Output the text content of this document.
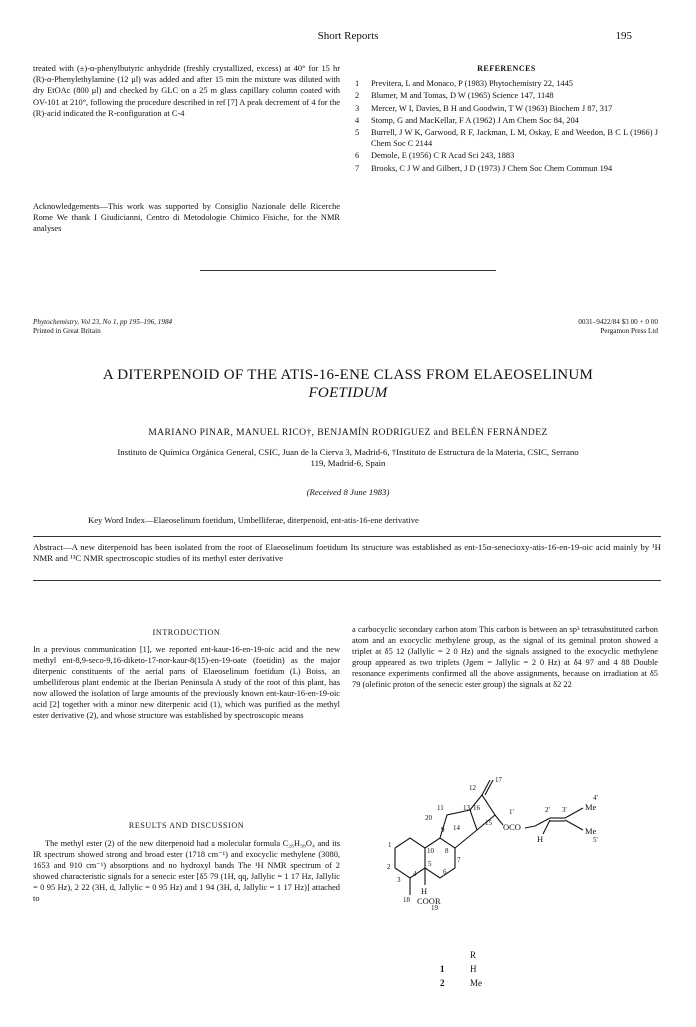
Short Reports	195
treated with (±)-α-phenylbutyric anhydride (freshly crystallized, excess) at 40° for 15 hr (R)-α-Phenylethylamine (12 μl) was added and after 15 min the mixture was diluted with dry EtOAc (800 μl) and checked by GLC on a 25 m glass capillary column coated with OV-101 at 210°, following the procedure described in ref [7] A peak decrement of 4 for the (R)-acid indicated the R-configuration at C-4
Acknowledgements—This work was supported by Consiglio Nazionale delle Ricerche Rome We thank I Giudicianni, Centro di Metodologie Chimico Fisiche, for the NMR analyses
REFERENCES
1 Previtera, L and Monaco, P (1983) Phytochemistry 22, 1445
2 Blumer, M and Tomas, D W (1965) Science 147, 1148
3 Mercer, W I, Davies, B H and Goodwin, T W (1963) Biochem J 87, 317
4 Stomp, G and MacKellar, F A (1962) J Am Chem Soc 84, 204
5 Burrell, J W K, Garwood, R F, Jackman, L M, Oskay, E and Weedon, B C L (1966) J Chem Soc C 2144
6 Demole, E (1956) C R Acad Sci 243, 1883
7 Brooks, C J W and Gilbert, J D (1973) J Chem Soc Chem Commun 194
Phytochemistry, Vol 23, No 1, pp 195–196, 1984
Printed in Great Britain
0031–9422/84 $3 00 + 0 00
Pergamon Press Ltd
A DITERPENOID OF THE ATIS-16-ENE CLASS FROM ELAEOSELINUM
FOETIDUM
MARIANO PINAR, MANUEL RICO†, BENJAMÍN RODRIGUEZ and BELÉN FERNÁNDEZ
Instituto de Química Orgánica General, CSIC, Juan de la Cierva 3, Madrid-6, †Instituto de Estructura de la Materia, CSIC, Serrano
119, Madrid-6, Spain
(Received 8 June 1983)
Key Word Index—Elaeoselinum foetidum, Umbelliferae, diterpenoid, ent-atis-16-ene derivative
Abstract—A new diterpenoid has been isolated from the root of Elaeoselinum foetidum Its structure was established as ent-15α-senecioxy-atis-16-en-19-oic acid mainly by ¹H NMR and ¹³C NMR spectroscopic studies of its methyl ester derivative
INTRODUCTION
In a previous communication [1], we reported ent-kaur-16-en-19-oic acid and the new methyl ent-8,9-seco-9,16-diketo-17-nor-kaur-8(15)-en-19-oate (foetidin) as the major diterpenic constituents of the aerial parts of Elaeoselinum foetidum (L) Boiss, an umbelliferous plant endemic at the Iberian Peninsula A study of the root of this plant, has now allowed the isolation of large amounts of the previously known ent-kaur-16-en-19-oic acid [2] together with a minor new diterpenic acid (1), which was purified as the methyl ester derivative (2), and whose structure was established by spectroscopic means
RESULTS AND DISCUSSION
The methyl ester (2) of the new diterpenoid had a molecular formula C₂₆H₃₈O₄ and its IR spectrum showed strong and broad ester (1718 cm⁻¹) and exocyclic methylene (3080, 1653 and 910 cm⁻¹) absorptions and no hydroxyl bands The ¹H NMR spectrum of 2 showed characteristic signals for a senecic ester [δ5 79 (1H, qq, Jallylic = 1 17 Hz, Jallylic = 0 95 Hz), 2 22 (3H, d, Jallylic = 0 95 Hz) and 1 94 (3H, d, Jallylic = 1 17 Hz)] attached to
a carbocyclic secondary carbon atom This carbon is between an sp³ tetrasubstituted carbon atom and an exocyclic methylene group, as the signal of its geminal proton showed a triplet at δ5 12 (Jallylic = 2 0 Hz) and the signals assigned to the exocyclic methylene group appeared as two triplets (Jgem = Jallylic = 2 0 Hz) at δ4 97 and 4 88 Double resonance experiments confirmed all the above assignments, because on irradiation at δ5 79 (olefinic proton of the senecic ester group) the signals at δ2 22
1
2
3
4
5
6
7
8
9
10
11
12
13
14
15
16
17
18
19
20
1'	2' 3'
4'
5'
OCO
Me
Me
H
H
COOR
R
1	H
2	Me
